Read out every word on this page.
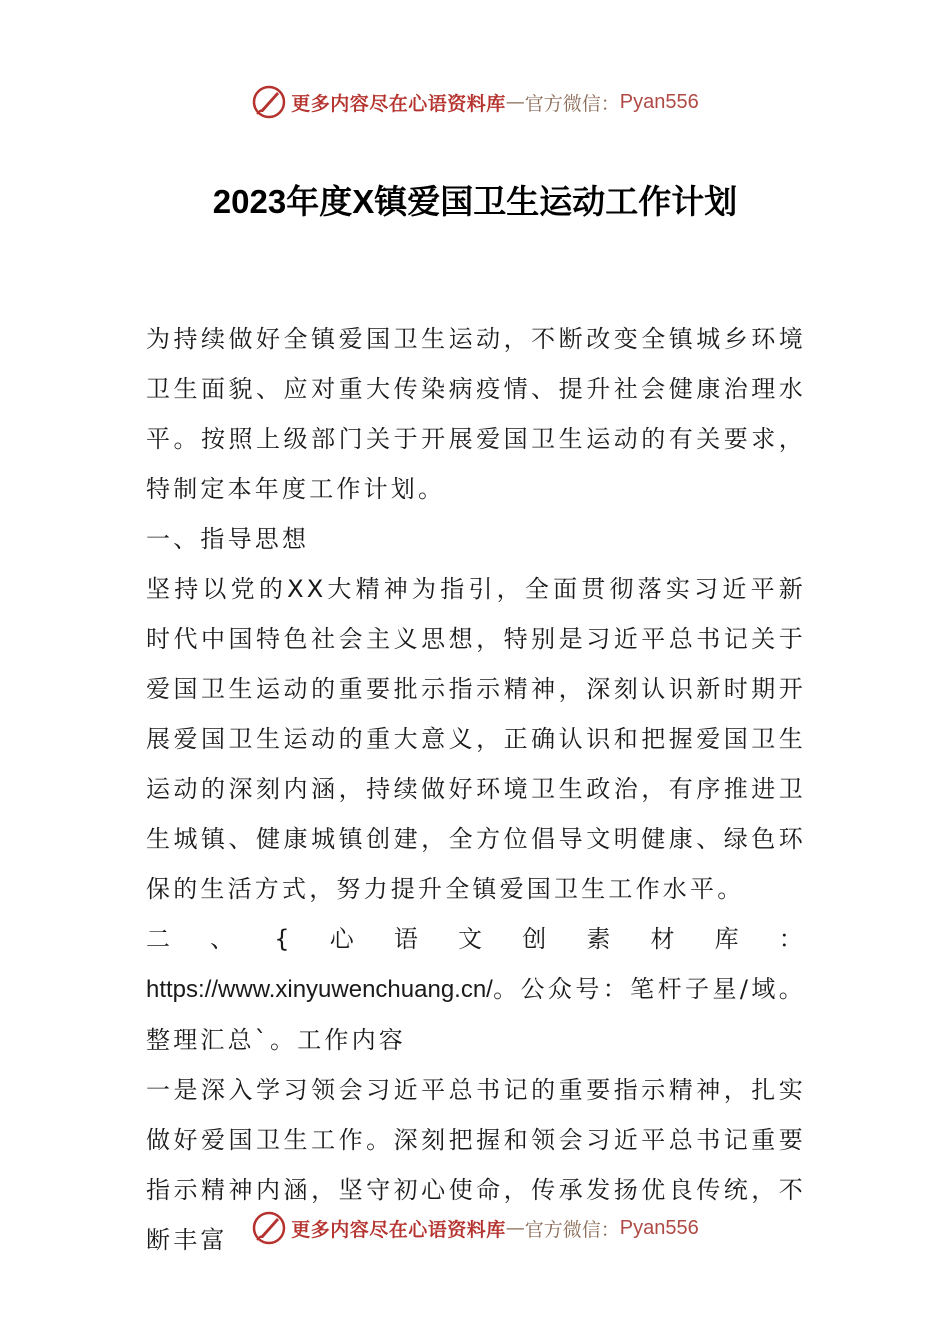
更多内容尽在心语资料库 — 官方微信： Pyan556
2023年度X镇爱国卫生运动工作计划

为持续做好全镇爱国卫生运动，不断改变全镇城乡环境卫生面貌、应对重大传染病疫情、提升社会健康治理水平。按照上级部门关于开展爱国卫生运动的有关要求，特制定本年度工作计划。

一、指导思想

坚持以党的XX大精神为指引，全面贯彻落实习近平新时代中国特色社会主义思想，特别是习近平总书记关于爱国卫生运动的重要批示指示精神，深刻认识新时期开展爱国卫生运动的重大意义，正确认识和把握爱国卫生运动的深刻内涵，持续做好环境卫生政治，有序推进卫生城镇、健康城镇创建，全方位倡导文明健康、绿色环保的生活方式，努力提升全镇爱国卫生工作水平。

二、{心语文创素材库：https://www.xinyuwenchuang.cn/。公众号：笔杆子星/域。整理汇总`。工作内容

一是深入学习领会习近平总书记的重要指示精神，扎实做好爱国卫生工作。深刻把握和领会习近平总书记重要指示精神内涵，坚守初心使命，传承发扬优良传统，不断丰富	更多内容尽在心语资料库 — 官方微信： Pyan556
